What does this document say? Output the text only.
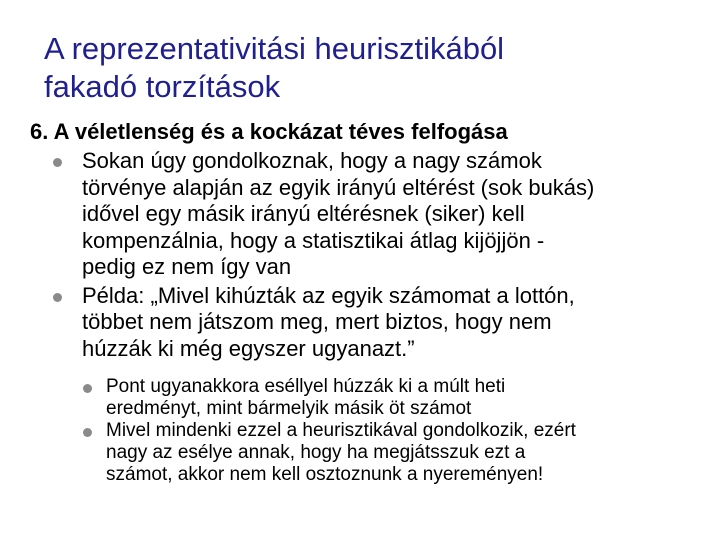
A reprezentativitási heurisztikából
fakadó torzítások
6. A véletlenség és a kockázat téves felfogása
Sokan úgy gondolkoznak, hogy a nagy számok
törvénye alapján az egyik irányú eltérést (sok bukás)
idővel egy másik irányú eltérésnek (siker) kell
kompenzálnia, hogy a statisztikai átlag kijöjjön -
pedig ez nem így van
Példa: „Mivel kihúzták az egyik számomat a lottón,
többet nem játszom meg, mert biztos, hogy nem
húzzák ki még egyszer ugyanazt.”
Pont ugyanakkora eséllyel húzzák ki a múlt heti
eredményt, mint bármelyik másik öt számot
Mivel mindenki ezzel a heurisztikával gondolkozik, ezért
nagy az esélye annak, hogy ha megjátsszuk ezt a
számot, akkor nem kell osztoznunk a nyereményen!
